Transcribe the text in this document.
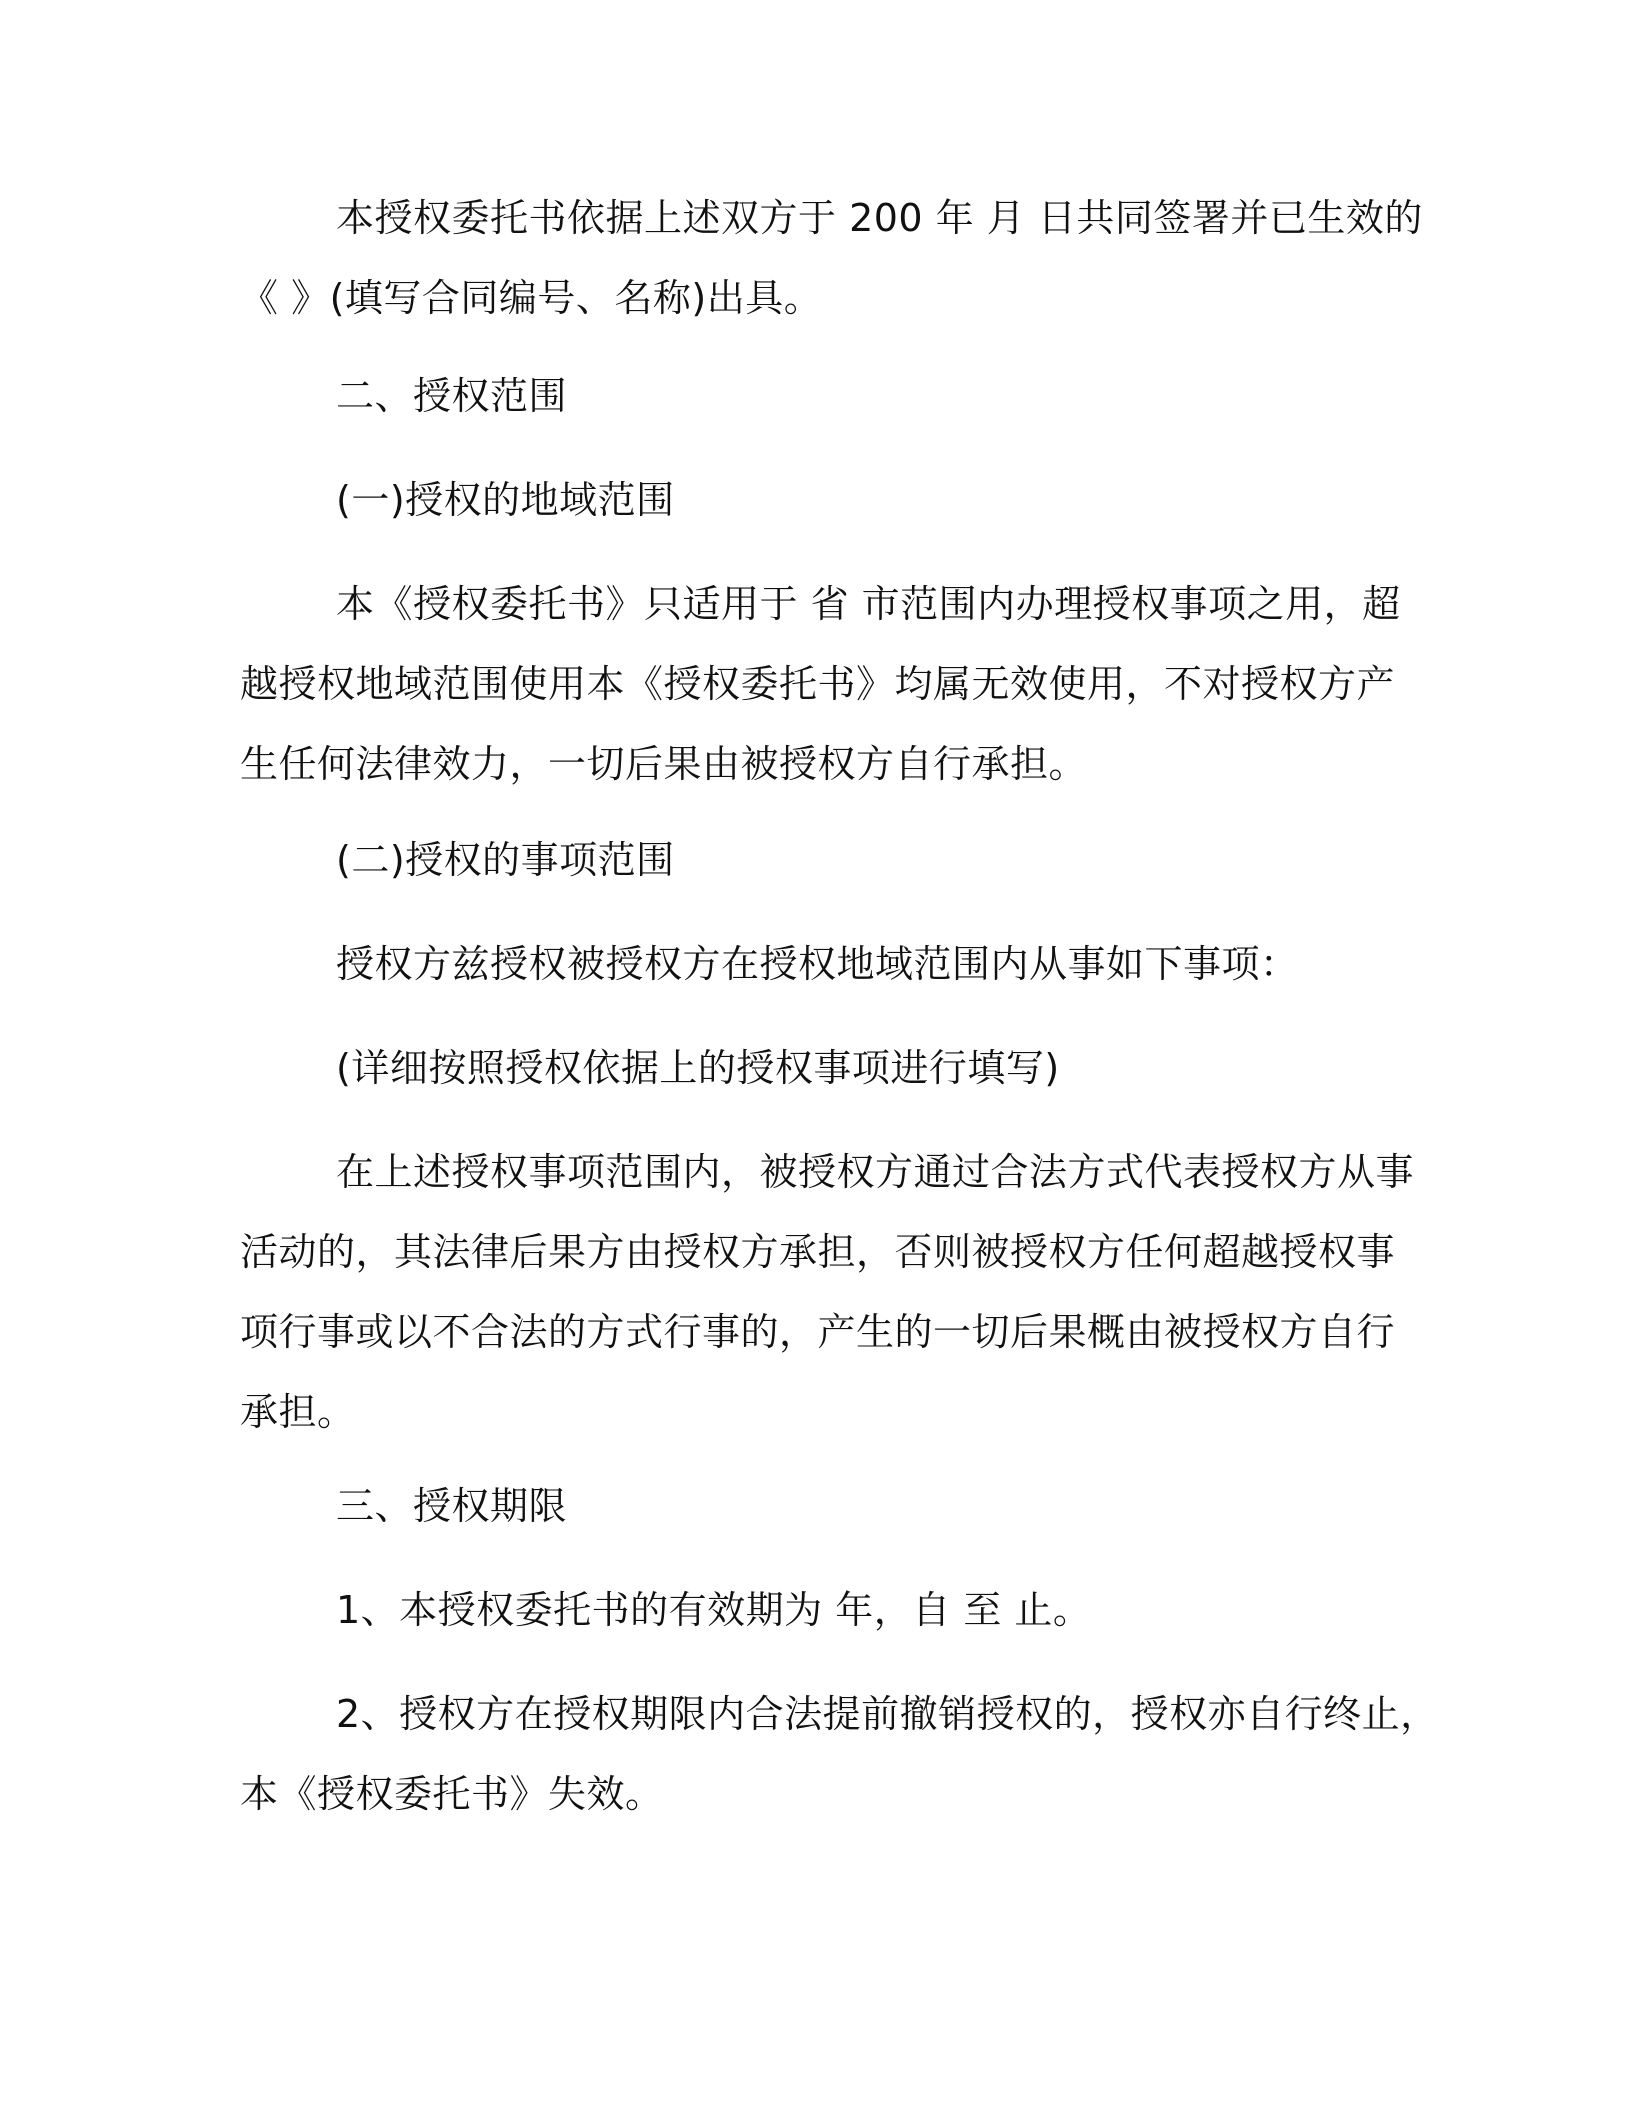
本授权委托书依据上述双方于 200 年 月 日共同签署并已生效的
《 》(填写合同编号、名称)出具。

二、授权范围

(一)授权的地域范围

本《授权委托书》只适用于 省 市范围内办理授权事项之用，超
越授权地域范围使用本《授权委托书》均属无效使用，不对授权方产
生任何法律效力，一切后果由被授权方自行承担。

(二)授权的事项范围

授权方兹授权被授权方在授权地域范围内从事如下事项：

(详细按照授权依据上的授权事项进行填写)

在上述授权事项范围内，被授权方通过合法方式代表授权方从事
活动的，其法律后果方由授权方承担，否则被授权方任何超越授权事
项行事或以不合法的方式行事的，产生的一切后果概由被授权方自行
承担。

三、授权期限

1、本授权委托书的有效期为 年，自 至 止。

2、授权方在授权期限内合法提前撤销授权的，授权亦自行终止，
本《授权委托书》失效。
